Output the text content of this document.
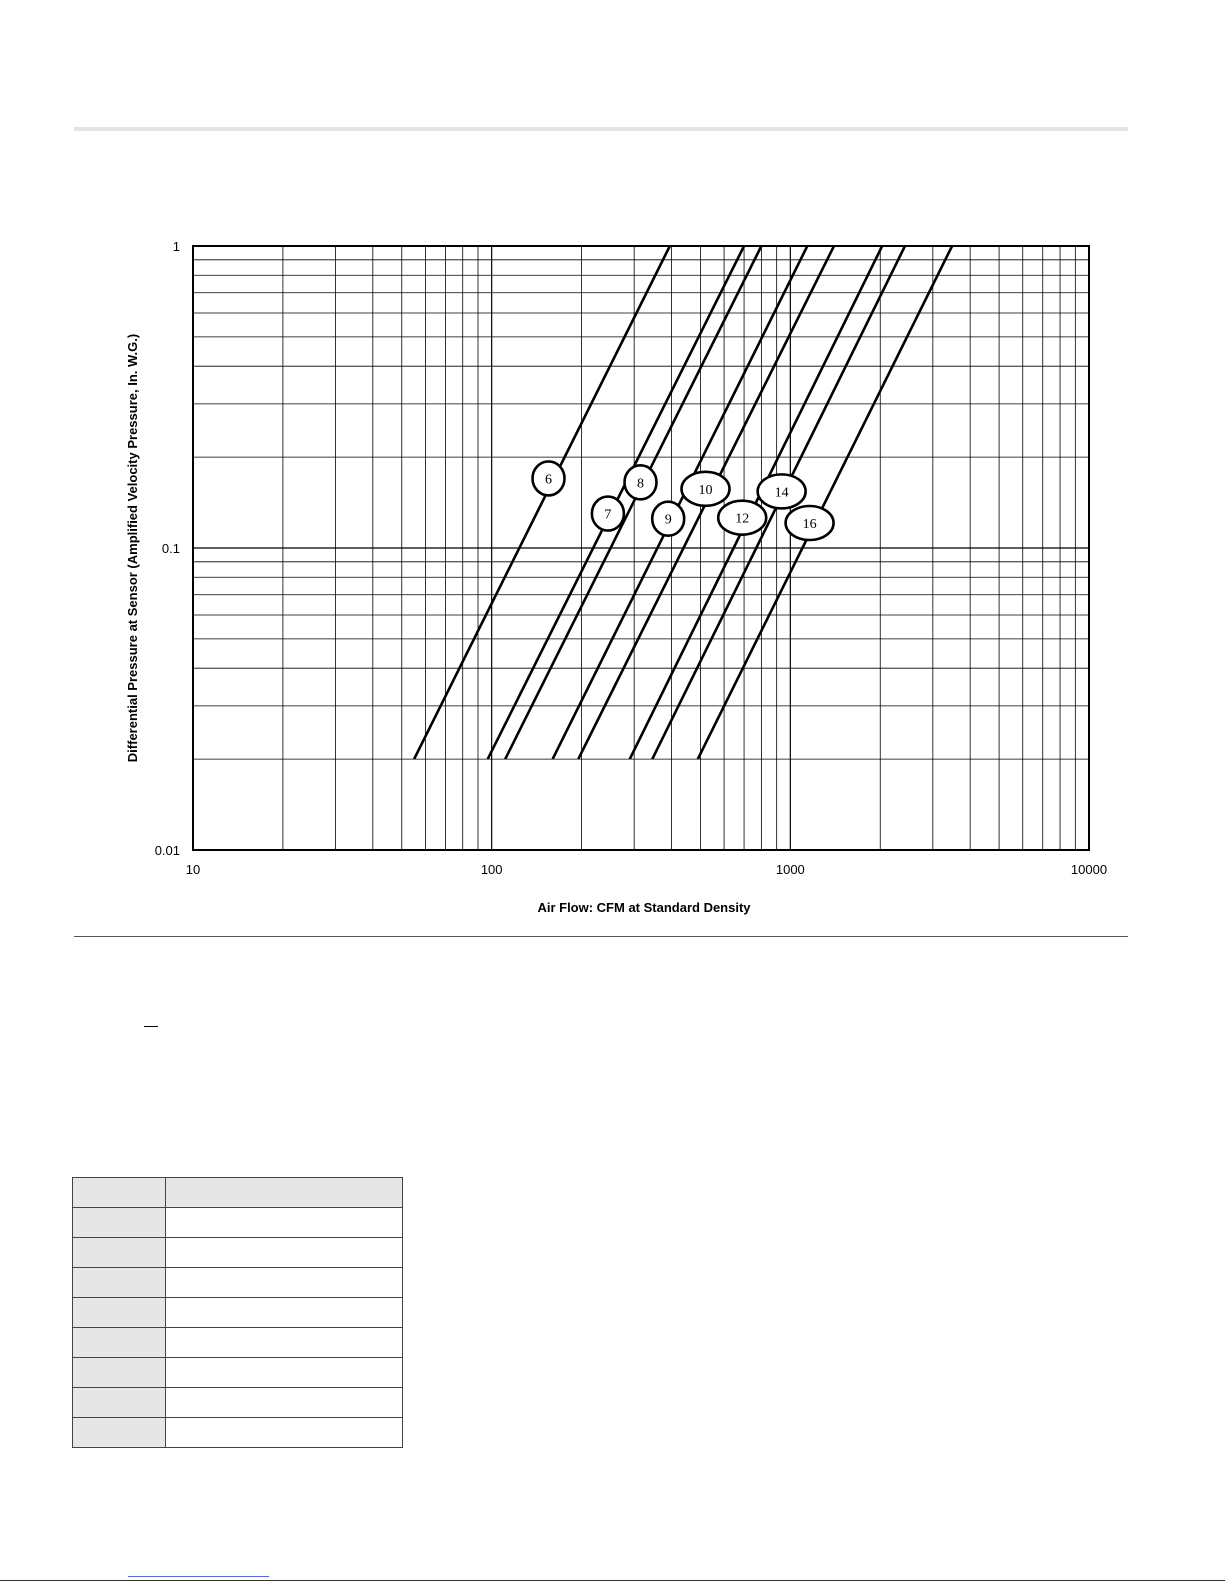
6
7
8
9
10
12
14
16
10	100	1000	10000
0.01
0.1
1
Air Flow: CFM at Standard Density
Differential Pressure at Sensor (Amplified Velocity Pressure, In. W.G.)
